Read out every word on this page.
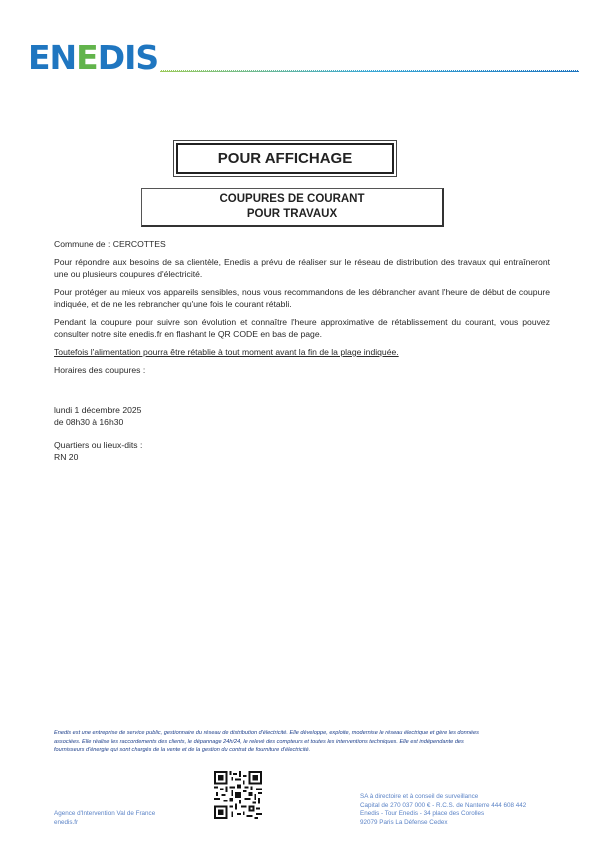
ENEDIS
POUR AFFICHAGE
COUPURES DE COURANT
POUR TRAVAUX

Commune de : CERCOTTES

Pour répondre aux besoins de sa clientèle, Enedis a prévu de réaliser sur le réseau de distribution des travaux qui entraîneront une ou plusieurs coupures d'électricité.

Pour protéger au mieux vos appareils sensibles, nous vous recommandons de les débrancher avant l'heure de début de coupure indiquée, et de ne les rebrancher qu'une fois le courant rétabli.

Pendant la coupure pour suivre son évolution et connaître l'heure approximative de rétablissement du courant, vous pouvez consulter notre site enedis.fr en flashant le QR CODE en bas de page.

Toutefois l'alimentation pourra être rétablie à tout moment avant la fin de la plage indiquée.

Horaires des coupures :

lundi 1 décembre 2025

de 08h30 à 16h30

Quartiers ou lieux-dits :

RN 20

Enedis est une entreprise de service public, gestionnaire du réseau de distribution d'électricité. Elle développe, exploite, modernise le réseau électrique et gère les données
associées. Elle réalise les raccordements des clients, le dépannage 24h/24, le relevé des compteurs et toutes les interventions techniques. Elle est indépendante des
fournisseurs d'énergie qui sont chargés de la vente et de la gestion du contrat de fourniture d'électricité.
Agence d'Intervention Val de France
enedis.fr
SA à directoire et à conseil de surveillance
Capital de 270 037 000 € - R.C.S. de Nanterre 444 608 442
Enedis - Tour Enedis - 34 place des Corolles
92079 Paris La Défense Cedex
